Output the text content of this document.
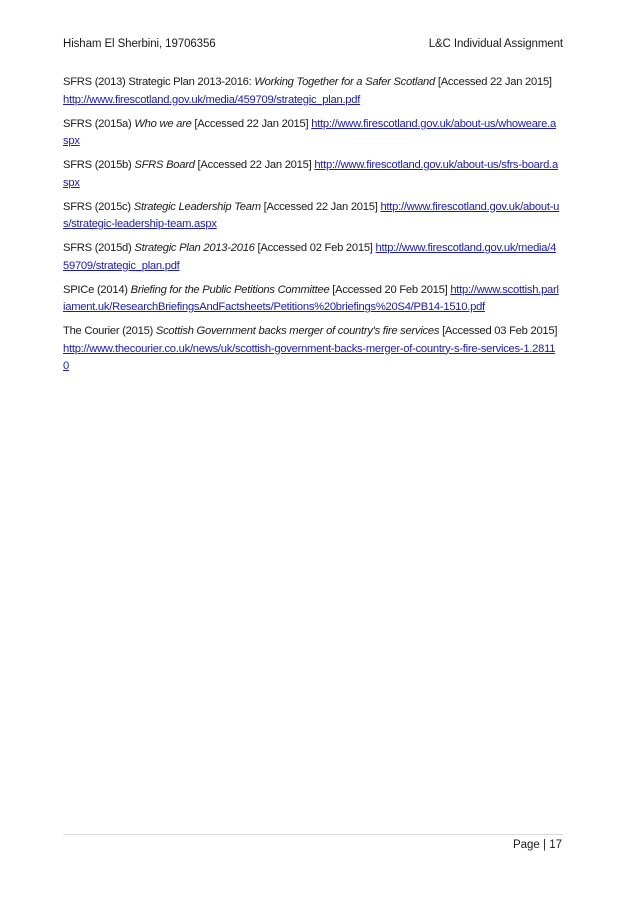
Hisham El Sherbini, 19706356	L&C Individual Assignment

SFRS (2013) Strategic Plan 2013-2016: Working Together for a Safer Scotland [Accessed 22 Jan 2015] http://www.firescotland.gov.uk/media/459709/strategic_plan.pdf

SFRS (2015a) Who we are [Accessed 22 Jan 2015] http://www.firescotland.gov.uk/about-us/whoweare.aspx

SFRS (2015b) SFRS Board [Accessed 22 Jan 2015] http://www.firescotland.gov.uk/about-us/sfrs-board.aspx

SFRS (2015c) Strategic Leadership Team [Accessed 22 Jan 2015] http://www.firescotland.gov.uk/about-us/strategic-leadership-team.aspx

SFRS (2015d) Strategic Plan 2013-2016 [Accessed 02 Feb 2015] http://www.firescotland.gov.uk/media/459709/strategic_plan.pdf

SPICe (2014) Briefing for the Public Petitions Committee [Accessed 20 Feb 2015] http://www.scottish.parliament.uk/ResearchBriefingsAndFactsheets/Petitions%20briefings%20S4/PB14-1510.pdf

The Courier (2015) Scottish Government backs merger of country's fire services [Accessed 03 Feb 2015] http://www.thecourier.co.uk/news/uk/scottish-government-backs-merger-of-country-s-fire-services-1.28110

Page | 17
